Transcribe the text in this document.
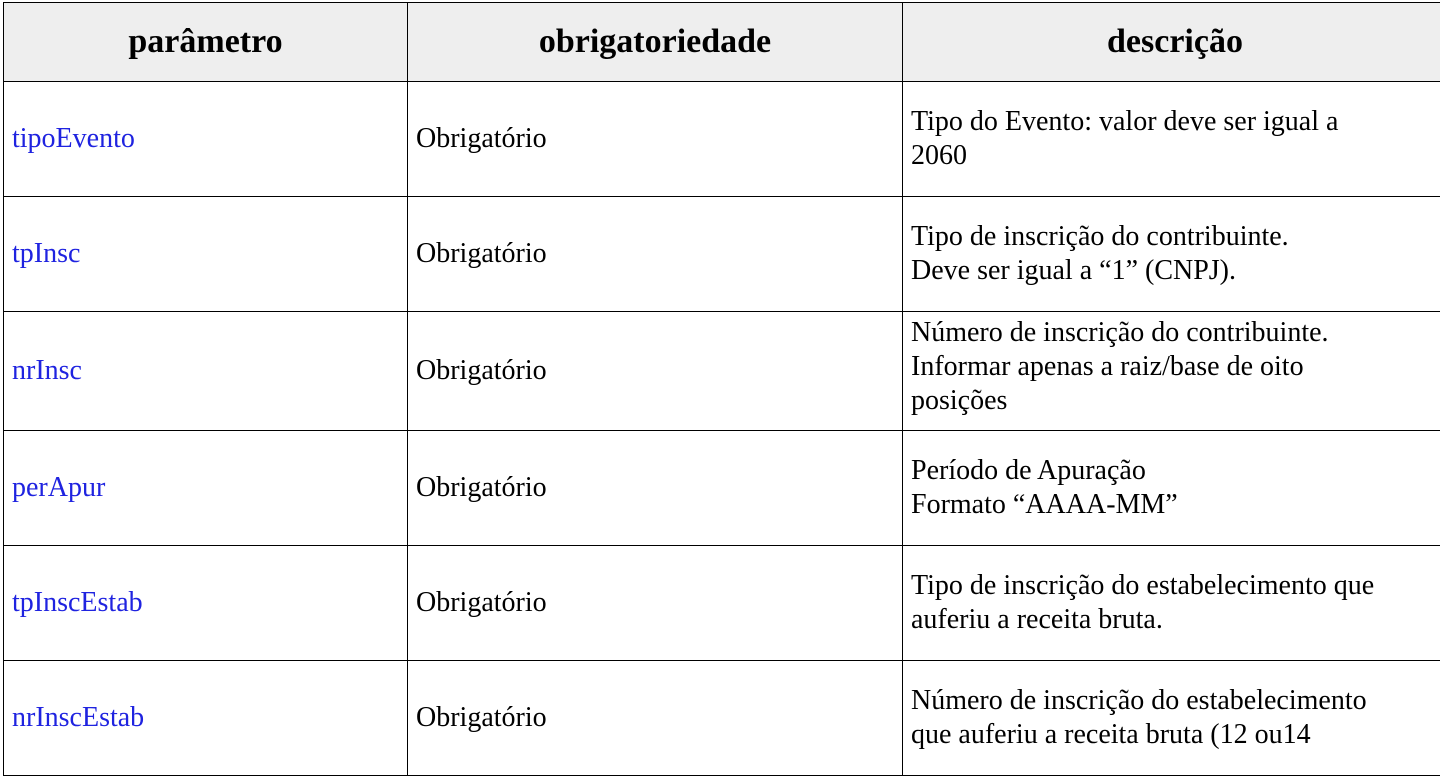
parâmetro	obrigatoriedade	descrição
tipoEvento	Obrigatório	Tipo do Evento: valor deve ser igual a
2060

tpInsc	Obrigatório	Tipo de inscrição do contribuinte.
Deve ser igual a “1” (CNPJ).

nrInsc	Obrigatório	Número de inscrição do contribuinte.
Informar apenas a raiz/base de oito
posições

perApur	Obrigatório	Período de Apuração
Formato “AAAA-MM”

tpInscEstab	Obrigatório	Tipo de inscrição do estabelecimento que
auferiu a receita bruta.

nrInscEstab	Obrigatório	Número de inscrição do estabelecimento
que auferiu a receita bruta (12 ou14
